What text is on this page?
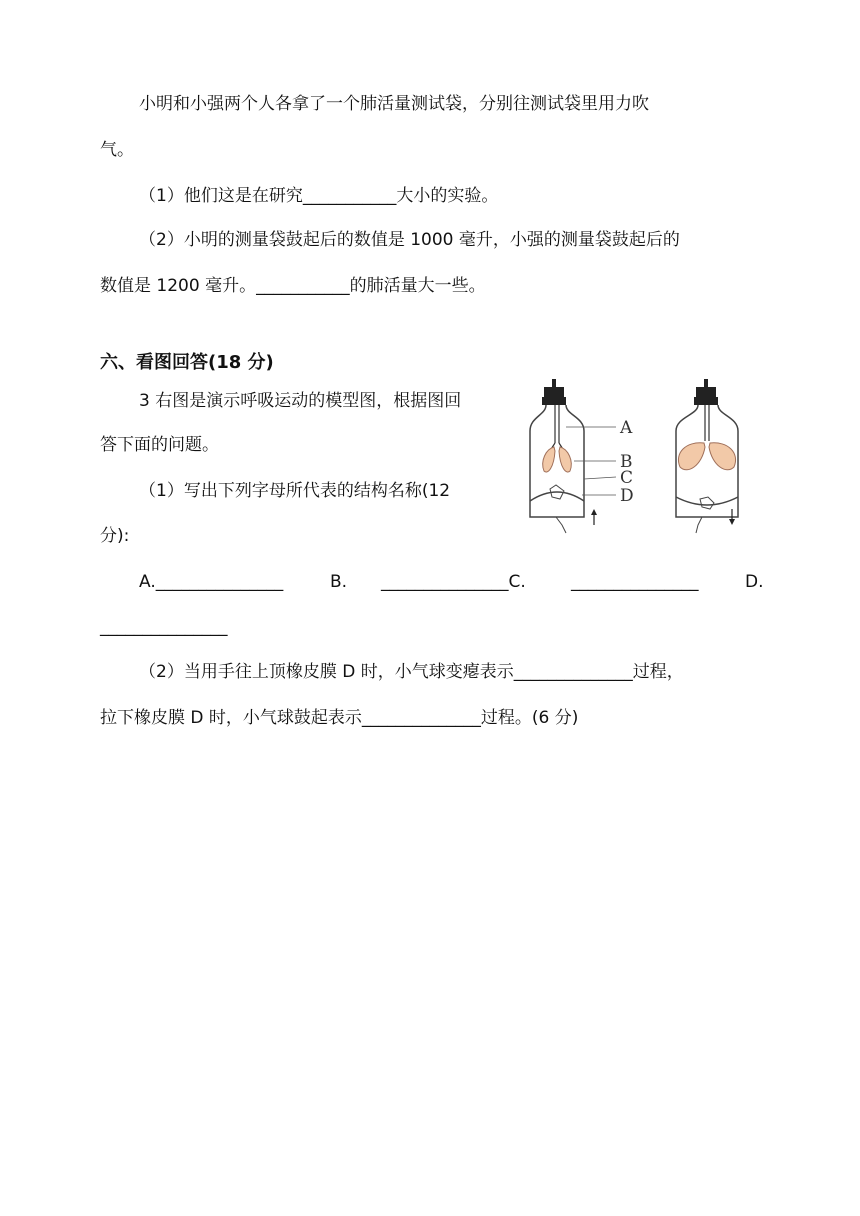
小明和小强两个人各拿了一个肺活量测试袋，分别往测试袋里用力吹
气。
（1）他们这是在研究___________大小的实验。
（2）小明的测量袋鼓起后的数值是 1000 毫升，小强的测量袋鼓起后的
数值是 1200 毫升。___________的肺活量大一些。
六、看图回答(18 分)
3 右图是演示呼吸运动的模型图，根据图回
答下面的问题。
（1）写出下列字母所代表的结构名称(12
分):
A._______________	B. _______________C.	_______________	D.
_______________
（2）当用手往上顶橡皮膜 D 时，小气球变瘪表示______________过程，
拉下橡皮膜 D 时，小气球鼓起表示______________过程。(6 分)
A
B
C
D
